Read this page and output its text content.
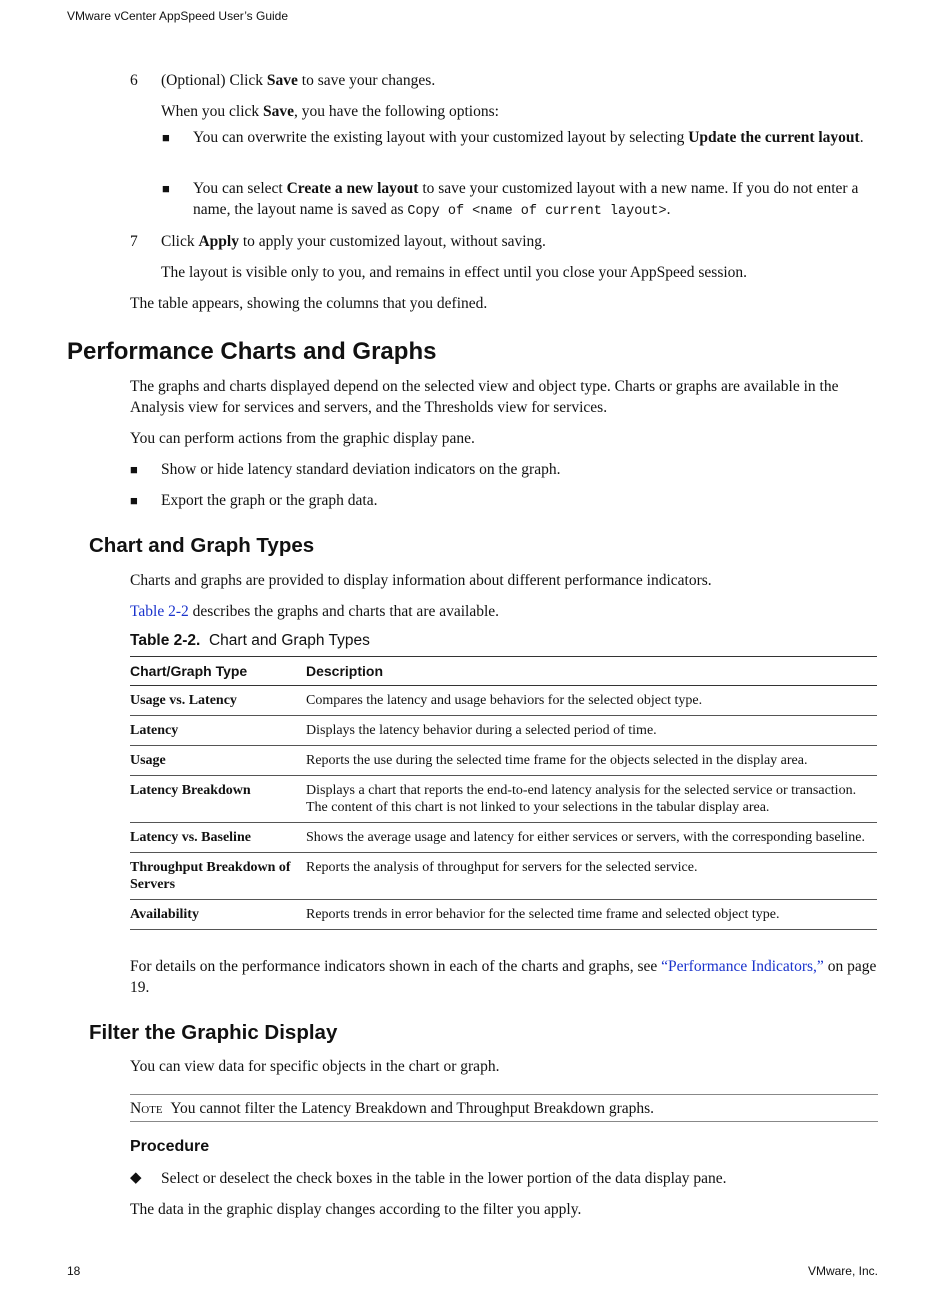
VMware vCenter AppSpeed User’s Guide
6 (Optional) Click Save to save your changes.
When you click Save, you have the following options:
■ You can overwrite the existing layout with your customized layout by selecting Update the current layout.
■ You can select Create a new layout to save your customized layout with a new name. If you do not enter a name, the layout name is saved as Copy of <name of current layout>.
7 Click Apply to apply your customized layout, without saving.
The layout is visible only to you, and remains in effect until you close your AppSpeed session.
The table appears, showing the columns that you defined.
Performance Charts and Graphs
The graphs and charts displayed depend on the selected view and object type. Charts or graphs are available in the Analysis view for services and servers, and the Thresholds view for services.
You can perform actions from the graphic display pane.
■ Show or hide latency standard deviation indicators on the graph.
■ Export the graph or the graph data.
Chart and Graph Types
Charts and graphs are provided to display information about different performance indicators.
Table 2-2 describes the graphs and charts that are available.
Table 2-2. Chart and Graph Types
Chart/Graph Type	Description
Usage vs. Latency	Compares the latency and usage behaviors for the selected object type.
Latency	Displays the latency behavior during a selected period of time.
Usage	Reports the use during the selected time frame for the objects selected in the display area.
Latency Breakdown	Displays a chart that reports the end-to-end latency analysis for the selected service or transaction. The content of this chart is not linked to your selections in the tabular display area.
Latency vs. Baseline	Shows the average usage and latency for either services or servers, with the corresponding baseline.
Throughput Breakdown of Servers	Reports the analysis of throughput for servers for the selected service.
Availability	Reports trends in error behavior for the selected time frame and selected object type.
For details on the performance indicators shown in each of the charts and graphs, see “Performance Indicators,” on page 19.
Filter the Graphic Display
You can view data for specific objects in the chart or graph.
Note You cannot filter the Latency Breakdown and Throughput Breakdown graphs.
Procedure
◆ Select or deselect the check boxes in the table in the lower portion of the data display pane.
The data in the graphic display changes according to the filter you apply.
18	VMware, Inc.
